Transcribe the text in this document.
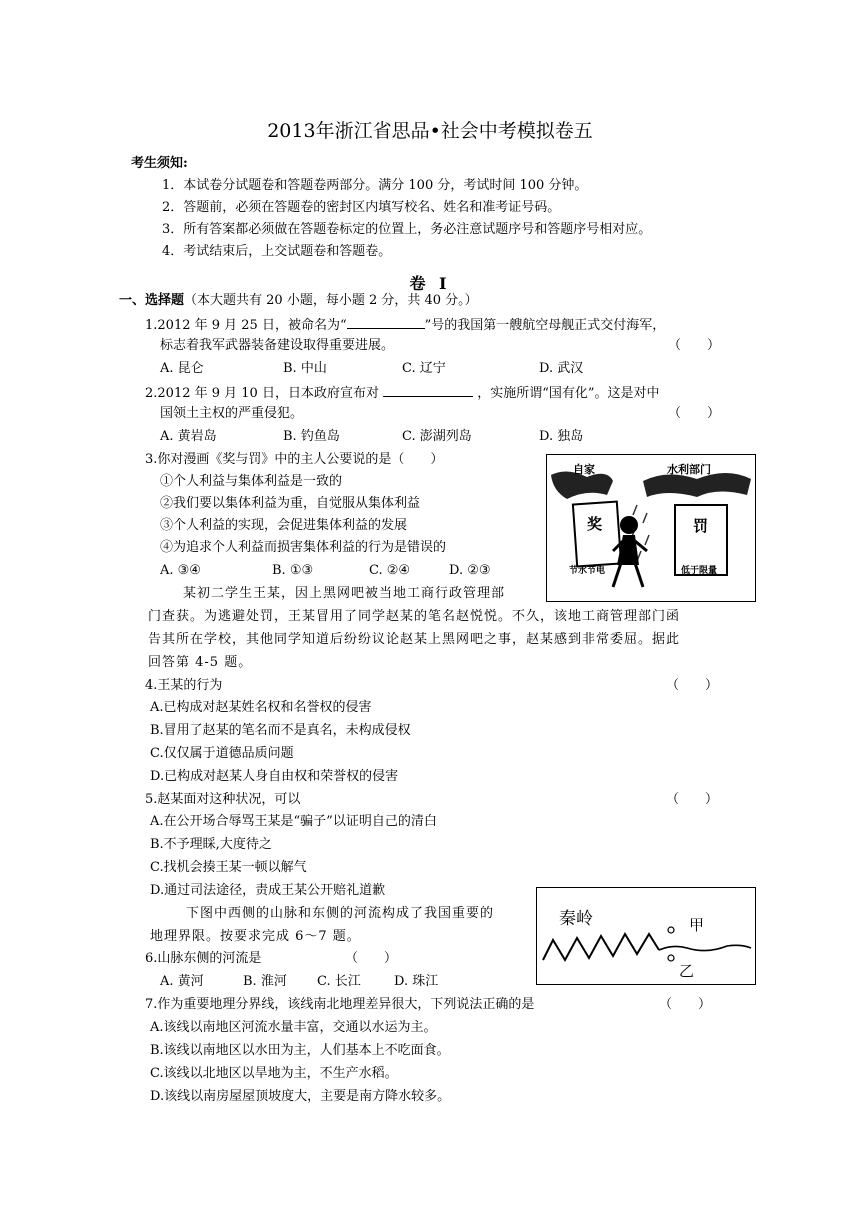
2013年浙江省思品•社会中考模拟卷五
考生须知:
1．本试卷分试题卷和答题卷两部分。满分 100 分，考试时间 100 分钟。
2．答题前，必须在答题卷的密封区内填写校名、姓名和准考证号码。
3．所有答案都必须做在答题卷标定的位置上，务必注意试题序号和答题序号相对应。
4．考试结束后，上交试题卷和答题卷。
卷 I
一、选择题（本大题共有 20 小题，每小题 2 分，共 40 分。）
1.2012 年 9 月 25 日，被命名为“	”号的我国第一艘航空母舰正式交付海军，
标志着我军武器装备建设取得重要进展。	（　　）
A. 昆仑	B. 中山	C. 辽宁	D. 武汉
2.2012 年 9 月 10 日，日本政府宣布对	，实施所谓“国有化”。这是对中
国领土主权的严重侵犯。	（　　）
A. 黄岩岛	B. 钓鱼岛	C. 澎湖列岛	D. 独岛
3.你对漫画《奖与罚》中的主人公要说的是（　　）
①个人利益与集体利益是一致的
②我们要以集体利益为重，自觉服从集体利益
③个人利益的实现，会促进集体利益的发展
④为追求个人利益而损害集体利益的行为是错误的
A. ③④	B. ①③	C. ②④	D. ②③
自家	水利部门
奖	罚
节水节电	低于限量
某初二学生王某，因上黑网吧被当地工商行政管理部
门查获。为逃避处罚，王某冒用了同学赵某的笔名赵悦悦。不久，该地工商管理部门函
告其所在学校，其他同学知道后纷纷议论赵某上黑网吧之事，赵某感到非常委屈。据此
回答第 4-5 题。
4.王某的行为	（　　）
A.已构成对赵某姓名权和名誉权的侵害
B.冒用了赵某的笔名而不是真名，未构成侵权
C.仅仅属于道德品质问题
D.已构成对赵某人身自由权和荣誉权的侵害
5.赵某面对这种状况，可以	（　　）
A.在公开场合辱骂王某是“骗子”以证明自己的清白
B.不予理睬,大度待之
C.找机会揍王某一顿以解气
D.通过司法途径，责成王某公开赔礼道歉
下图中西侧的山脉和东侧的河流构成了我国重要的
地理界限。按要求完成 6～7 题。
秦岭	甲
乙
6.山脉东侧的河流是	（　　）
A. 黄河	B. 淮河 C. 长江	D. 珠江
7.作为重要地理分界线，该线南北地理差异很大，下列说法正确的是	（　　）
A.该线以南地区河流水量丰富，交通以水运为主。
B.该线以南地区以水田为主，人们基本上不吃面食。
C.该线以北地区以旱地为主，不生产水稻。
D.该线以南房屋屋顶坡度大，主要是南方降水较多。
